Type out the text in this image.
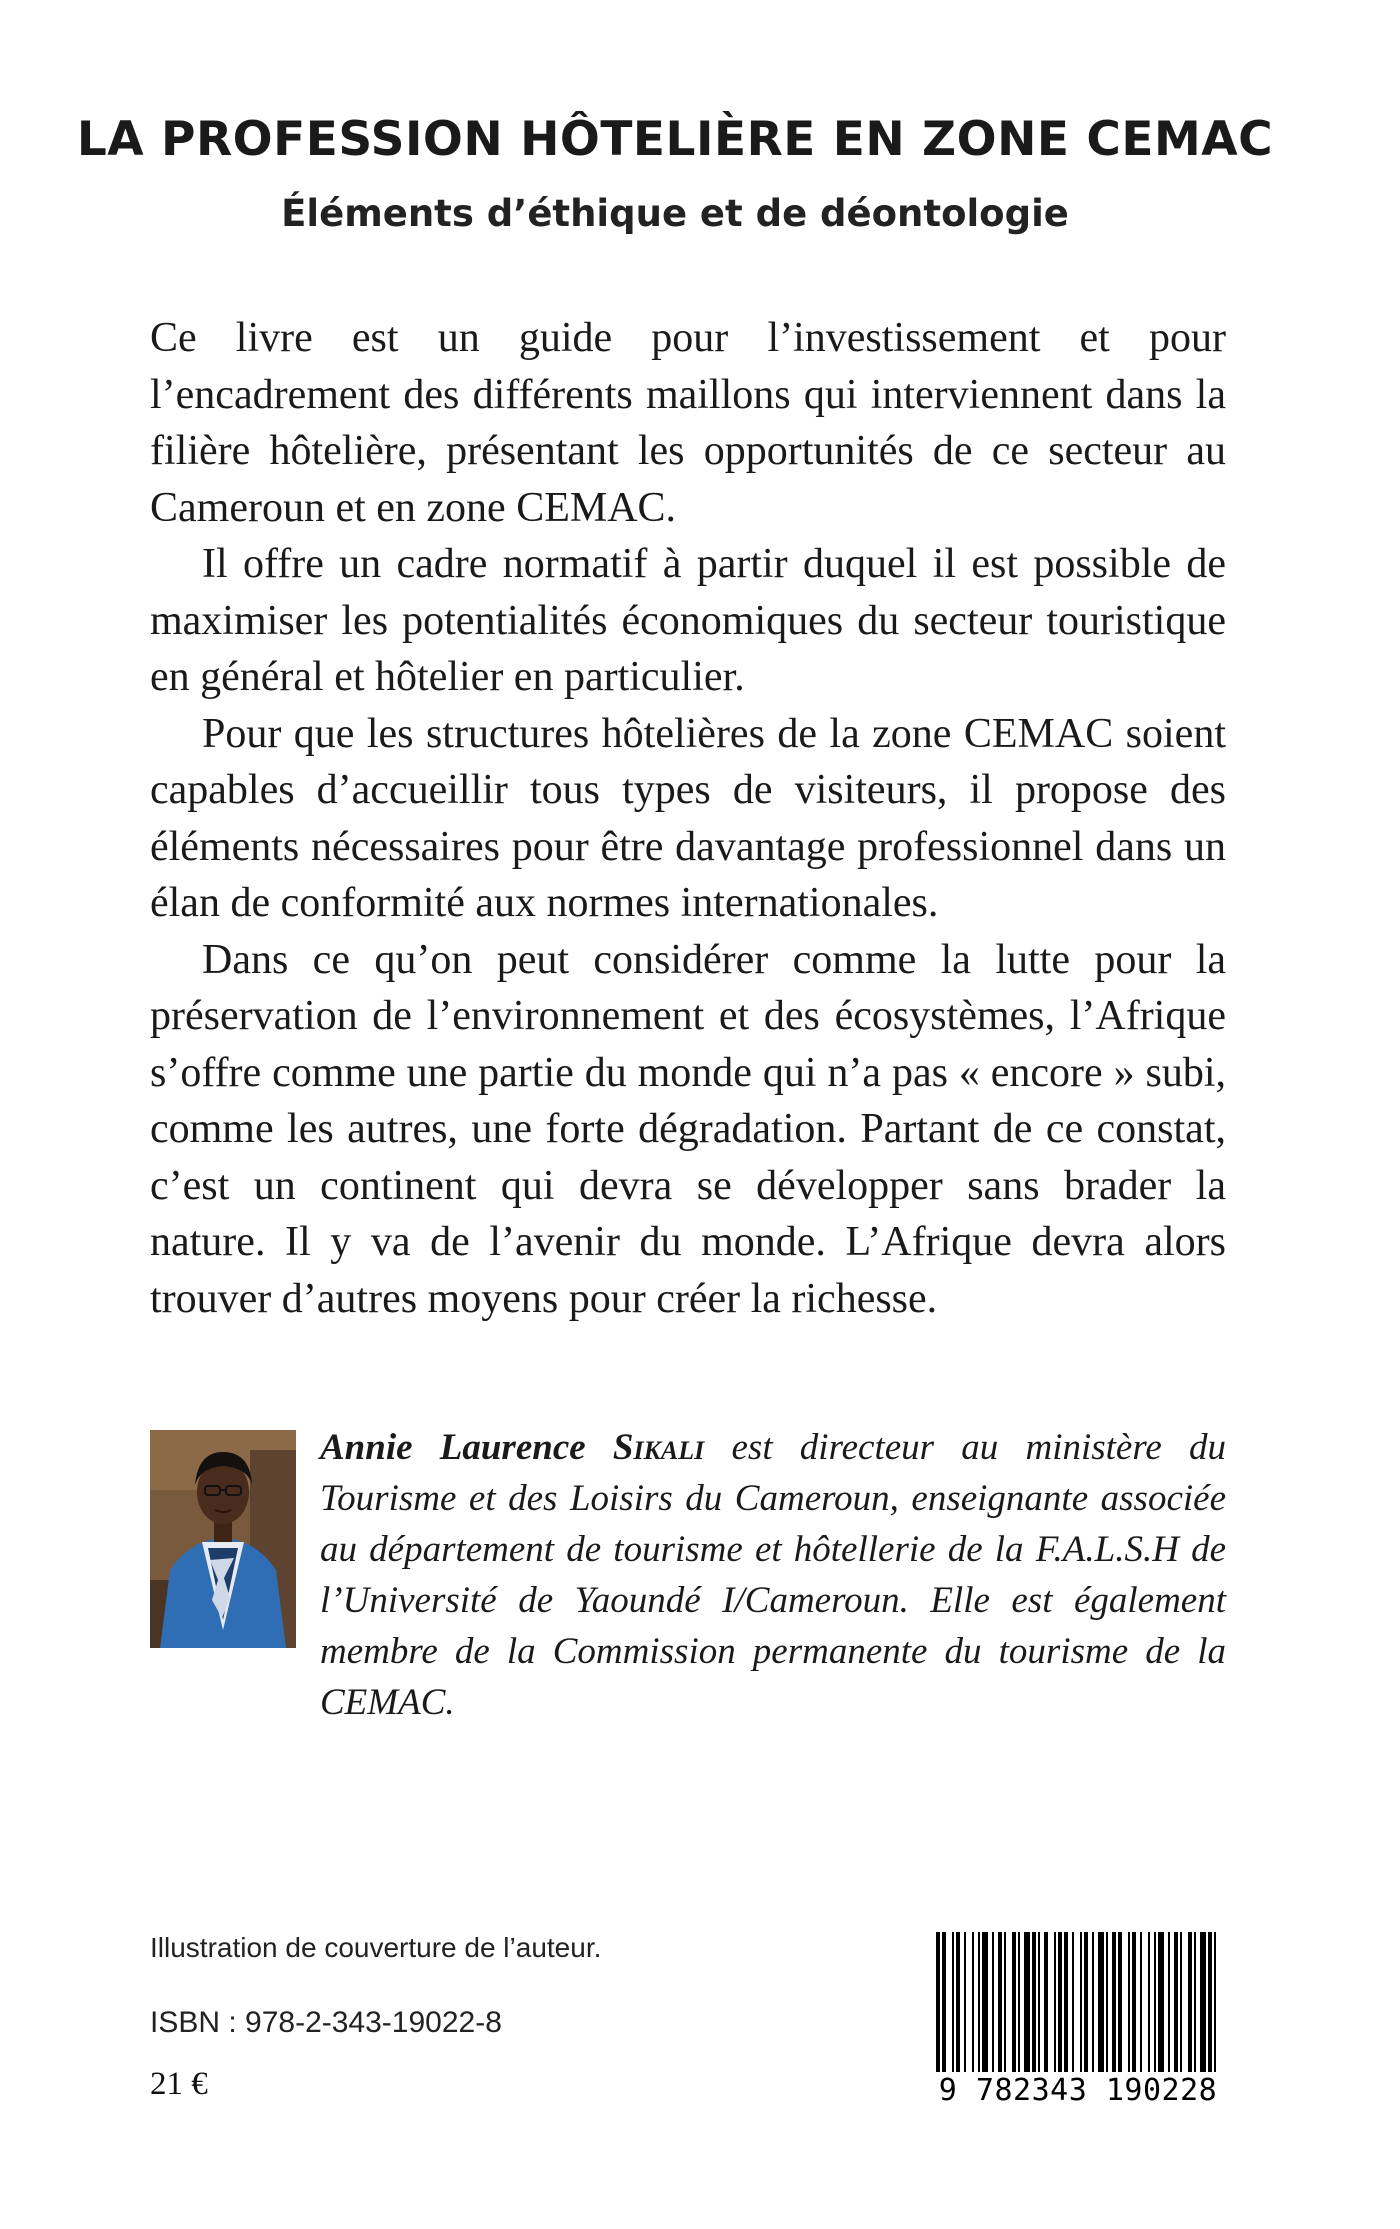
LA PROFESSION HÔTELIÈRE EN ZONE CEMAC
Éléments d’éthique et de déontologie

Ce livre est un guide pour l’investissement et pour l’encadrement des différents maillons qui interviennent dans la filière hôtelière, présentant les opportunités de ce secteur au Cameroun et en zone CEMAC.

Il offre un cadre normatif à partir duquel il est possible de maximiser les potentialités économiques du secteur touristique en général et hôtelier en particulier.

Pour que les structures hôtelières de la zone CEMAC soient capables d’accueillir tous types de visiteurs, il propose des éléments nécessaires pour être davantage professionnel dans un élan de conformité aux normes internationales.

Dans ce qu’on peut considérer comme la lutte pour la préservation de l’environnement et des écosystèmes, l’Afrique s’offre comme une partie du monde qui n’a pas « encore » subi, comme les autres, une forte dégradation. Partant de ce constat, c’est un continent qui devra se développer sans brader la nature. Il y va de l’avenir du monde. L’Afrique devra alors trouver d’autres moyens pour créer la richesse.

Annie Laurence Sikali est directeur au ministère du Tourisme et des Loisirs du Cameroun, enseignante associée au département de tourisme et hôtellerie de la F.A.L.S.H de l’Université de Yaoundé I/Cameroun. Elle est également membre de la Commission permanente du tourisme de la CEMAC.

Illustration de couverture de l’auteur.
ISBN : 978-2-343-19022-8
21 €	9 782343 190228
